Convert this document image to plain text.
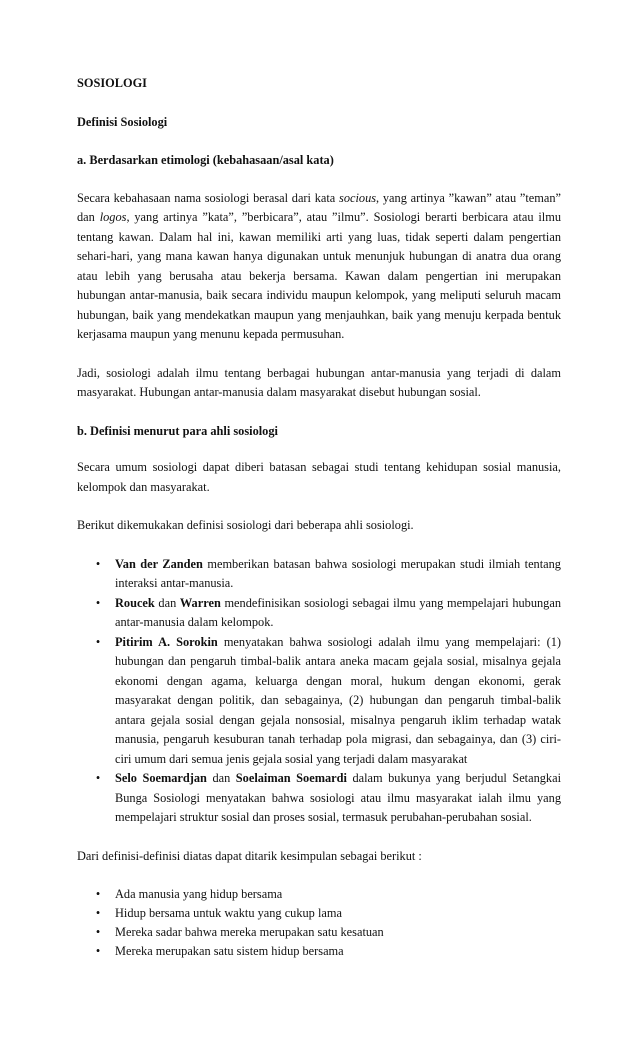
SOSIOLOGI

Definisi Sosiologi

a. Berdasarkan etimologi (kebahasaan/asal kata)

Secara kebahasaan nama sosiologi berasal dari kata socious, yang artinya ”kawan” atau ”teman” dan logos, yang artinya ”kata”, ”berbicara”, atau ”ilmu”. Sosiologi berarti berbicara atau ilmu tentang kawan. Dalam hal ini, kawan memiliki arti yang luas, tidak seperti dalam pengertian sehari-hari, yang mana kawan hanya digunakan untuk menunjuk hubungan di anatra dua orang atau lebih yang berusaha atau bekerja bersama. Kawan dalam pengertian ini merupakan hubungan antar-manusia, baik secara individu maupun kelompok, yang meliputi seluruh macam hubungan, baik yang mendekatkan maupun yang menjauhkan, baik yang menuju kerpada bentuk kerjasama maupun yang menunu kepada permusuhan.

Jadi, sosiologi adalah ilmu tentang berbagai hubungan antar-manusia yang terjadi di dalam masyarakat. Hubungan antar-manusia dalam masyarakat disebut hubungan sosial.

b. Definisi menurut para ahli sosiologi

Secara umum sosiologi dapat diberi batasan sebagai studi tentang kehidupan sosial manusia, kelompok dan masyarakat.

Berikut dikemukakan definisi sosiologi dari beberapa ahli sosiologi.

• Van der Zanden memberikan batasan bahwa sosiologi merupakan studi ilmiah tentang interaksi antar-manusia.
• Roucek dan Warren mendefinisikan sosiologi sebagai ilmu yang mempelajari hubungan antar-manusia dalam kelompok.
• Pitirim A. Sorokin menyatakan bahwa sosiologi adalah ilmu yang mempelajari: (1) hubungan dan pengaruh timbal-balik antara aneka macam gejala sosial, misalnya gejala ekonomi dengan agama, keluarga dengan moral, hukum dengan ekonomi, gerak masyarakat dengan politik, dan sebagainya, (2) hubungan dan pengaruh timbal-balik antara gejala sosial dengan gejala nonsosial, misalnya pengaruh iklim terhadap watak manusia, pengaruh kesuburan tanah terhadap pola migrasi, dan sebagainya, dan (3) ciri-ciri umum dari semua jenis gejala sosial yang terjadi dalam masyarakat
• Selo Soemardjan dan Soelaiman Soemardi dalam bukunya yang berjudul Setangkai Bunga Sosiologi menyatakan bahwa sosiologi atau ilmu masyarakat ialah ilmu yang mempelajari struktur sosial dan proses sosial, termasuk perubahan-perubahan sosial.

Dari definisi-definisi diatas dapat ditarik kesimpulan sebagai berikut :

• Ada manusia yang hidup bersama
• Hidup bersama untuk waktu yang cukup lama
• Mereka sadar bahwa mereka merupakan satu kesatuan
• Mereka merupakan satu sistem hidup bersama
